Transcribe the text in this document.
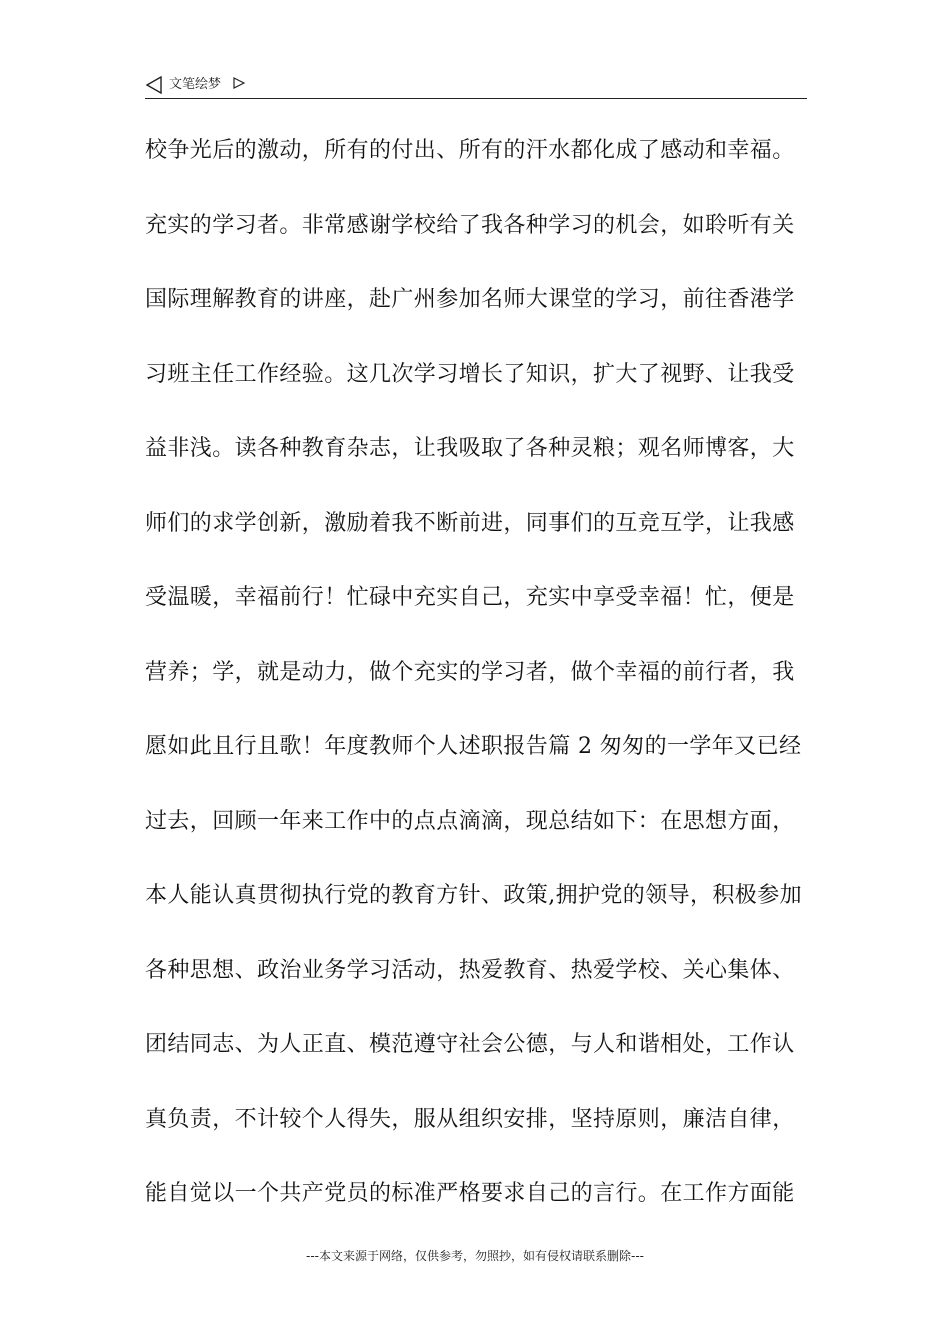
文笔绘梦
校争光后的激动，所有的付出、所有的汗水都化成了感动和幸福。
充实的学习者。非常感谢学校给了我各种学习的机会，如聆听有关
国际理解教育的讲座，赴广州参加名师大课堂的学习，前往香港学
习班主任工作经验。这几次学习增长了知识，扩大了视野、让我受
益非浅。读各种教育杂志，让我吸取了各种灵粮；观名师博客，大
师们的求学创新，激励着我不断前进，同事们的互竞互学，让我感
受温暖，幸福前行！忙碌中充实自己，充实中享受幸福！忙，便是
营养；学，就是动力，做个充实的学习者，做个幸福的前行者，我
愿如此且行且歌！年度教师个人述职报告篇 2 匆匆的一学年又已经
过去，回顾一年来工作中的点点滴滴，现总结如下：在思想方面，
本人能认真贯彻执行党的教育方针、政策,拥护党的领导，积极参加
各种思想、政治业务学习活动，热爱教育、热爱学校、关心集体、
团结同志、为人正直、模范遵守社会公德，与人和谐相处，工作认
真负责，不计较个人得失，服从组织安排，坚持原则，廉洁自律，
能自觉以一个共产党员的标准严格要求自己的言行。在工作方面能
---本文来源于网络，仅供参考，勿照抄，如有侵权请联系删除---
